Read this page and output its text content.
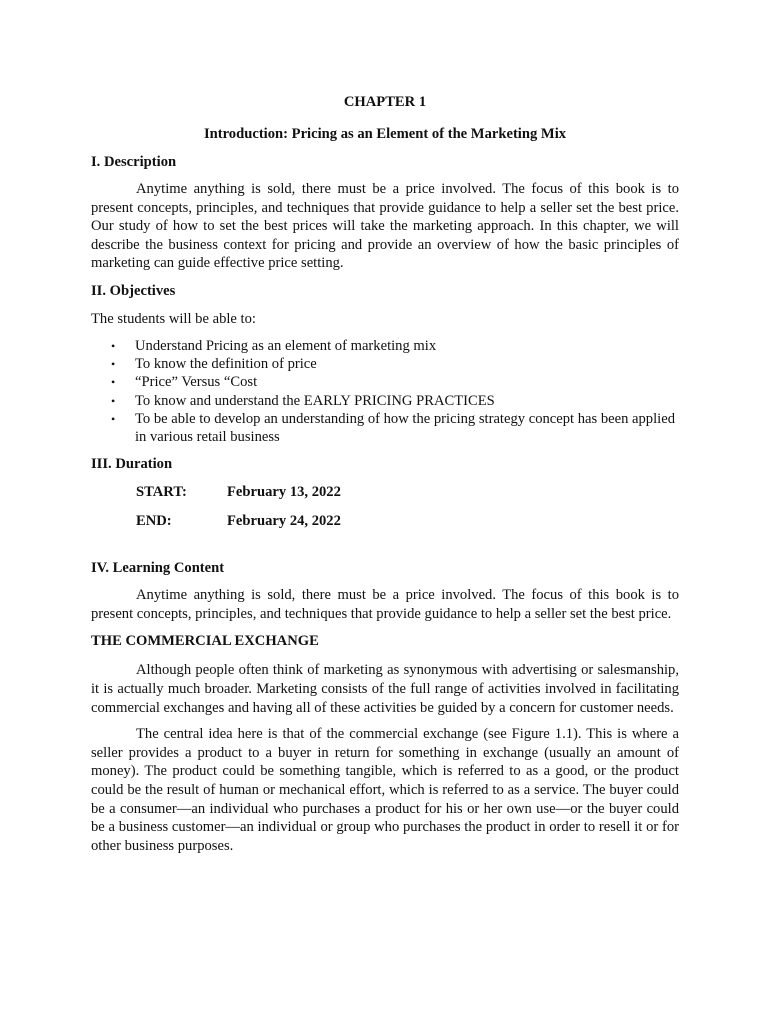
CHAPTER 1
Introduction: Pricing as an Element of the Marketing Mix
I. Description

Anytime anything is sold, there must be a price involved. The focus of this book is to present concepts, principles, and techniques that provide guidance to help a seller set the best price. Our study of how to set the best prices will take the marketing approach. In this chapter, we will describe the business context for pricing and provide an overview of how the basic principles of marketing can guide effective price setting.

II. Objectives

The students will be able to:

• Understand Pricing as an element of marketing mix
• To know the definition of price
• “Price” Versus “Cost
• To know and understand the EARLY PRICING PRACTICES
• To be able to develop an understanding of how the pricing strategy concept has been applied in various retail business
III. Duration
START:	February 13, 2022
END:	February 24, 2022
IV. Learning Content

Anytime anything is sold, there must be a price involved. The focus of this book is to present concepts, principles, and techniques that provide guidance to help a seller set the best price.

THE COMMERCIAL EXCHANGE

Although people often think of marketing as synonymous with advertising or salesmanship, it is actually much broader. Marketing consists of the full range of activities involved in facilitating commercial exchanges and having all of these activities be guided by a concern for customer needs.

The central idea here is that of the commercial exchange (see Figure 1.1). This is where a seller provides a product to a buyer in return for something in exchange (usually an amount of money). The product could be something tangible, which is referred to as a good, or the product could be the result of human or mechanical effort, which is referred to as a service. The buyer could be a consumer—an individual who purchases a product for his or her own use—or the buyer could be a business customer—an individual or group who purchases the product in order to resell it or for other business purposes.
